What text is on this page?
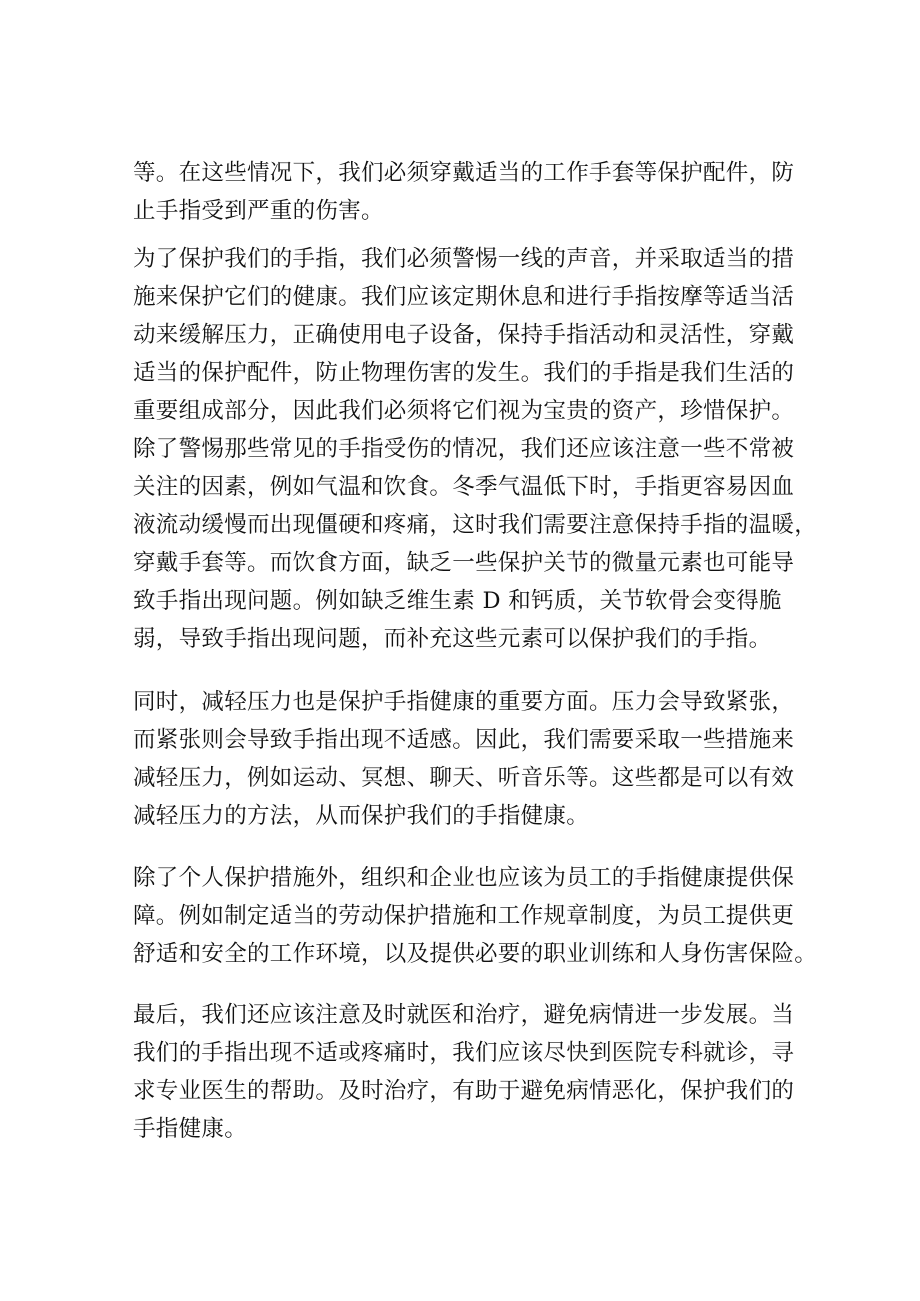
等。在这些情况下，我们必须穿戴适当的工作手套等保护配件，防
止手指受到严重的伤害。
为了保护我们的手指，我们必须警惕一线的声音，并采取适当的措
施来保护它们的健康。我们应该定期休息和进行手指按摩等适当活
动来缓解压力，正确使用电子设备，保持手指活动和灵活性，穿戴
适当的保护配件，防止物理伤害的发生。我们的手指是我们生活的
重要组成部分，因此我们必须将它们视为宝贵的资产，珍惜保护。
除了警惕那些常见的手指受伤的情况，我们还应该注意一些不常被
关注的因素，例如气温和饮食。冬季气温低下时，手指更容易因血
液流动缓慢而出现僵硬和疼痛，这时我们需要注意保持手指的温暖，
穿戴手套等。而饮食方面，缺乏一些保护关节的微量元素也可能导
致手指出现问题。例如缺乏维生素 D 和钙质，关节软骨会变得脆
弱，导致手指出现问题，而补充这些元素可以保护我们的手指。
同时，减轻压力也是保护手指健康的重要方面。压力会导致紧张，
而紧张则会导致手指出现不适感。因此，我们需要采取一些措施来
减轻压力，例如运动、冥想、聊天、听音乐等。这些都是可以有效
减轻压力的方法，从而保护我们的手指健康。
除了个人保护措施外，组织和企业也应该为员工的手指健康提供保
障。例如制定适当的劳动保护措施和工作规章制度，为员工提供更
舒适和安全的工作环境，以及提供必要的职业训练和人身伤害保险。
最后，我们还应该注意及时就医和治疗，避免病情进一步发展。当
我们的手指出现不适或疼痛时，我们应该尽快到医院专科就诊，寻
求专业医生的帮助。及时治疗，有助于避免病情恶化，保护我们的
手指健康。
